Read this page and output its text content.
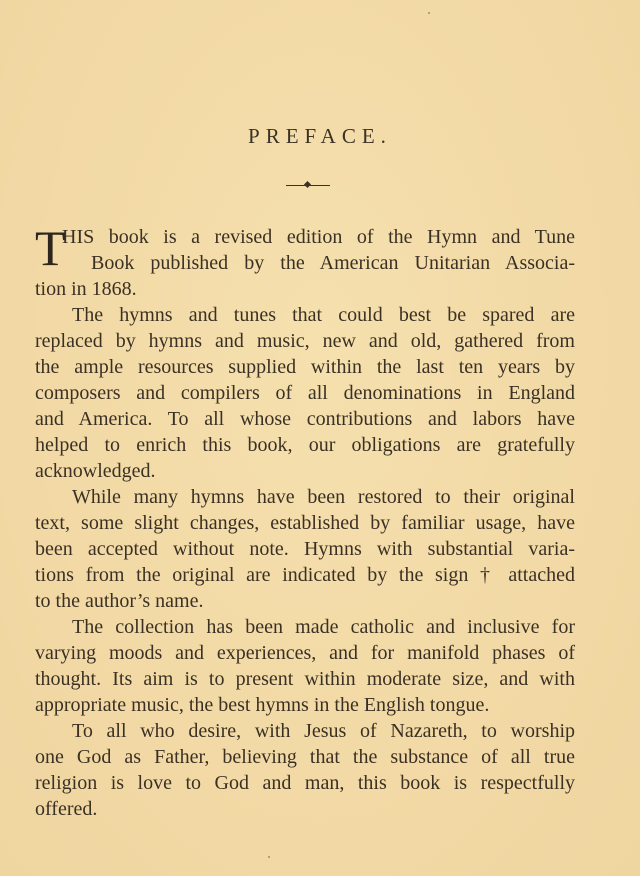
PREFACE.
T
HIS book is a revised edition of the Hymn and Tune
Book published by the American Unitarian Associa-
tion in 1868.
The hymns and tunes that could best be spared are
replaced by hymns and music, new and old, gathered from
the ample resources supplied within the last ten years by
composers and compilers of all denominations in England
and America. To all whose contributions and labors have
helped to enrich this book, our obligations are gratefully
acknowledged.
While many hymns have been restored to their original
text, some slight changes, established by familiar usage, have
been accepted without note. Hymns with substantial varia-
tions from the original are indicated by the sign † attached
to the author’s name.
The collection has been made catholic and inclusive for
varying moods and experiences, and for manifold phases of
thought. Its aim is to present within moderate size, and with
appropriate music, the best hymns in the English tongue.
To all who desire, with Jesus of Nazareth, to worship
one God as Father, believing that the substance of all true
religion is love to God and man, this book is respectfully
offered.
